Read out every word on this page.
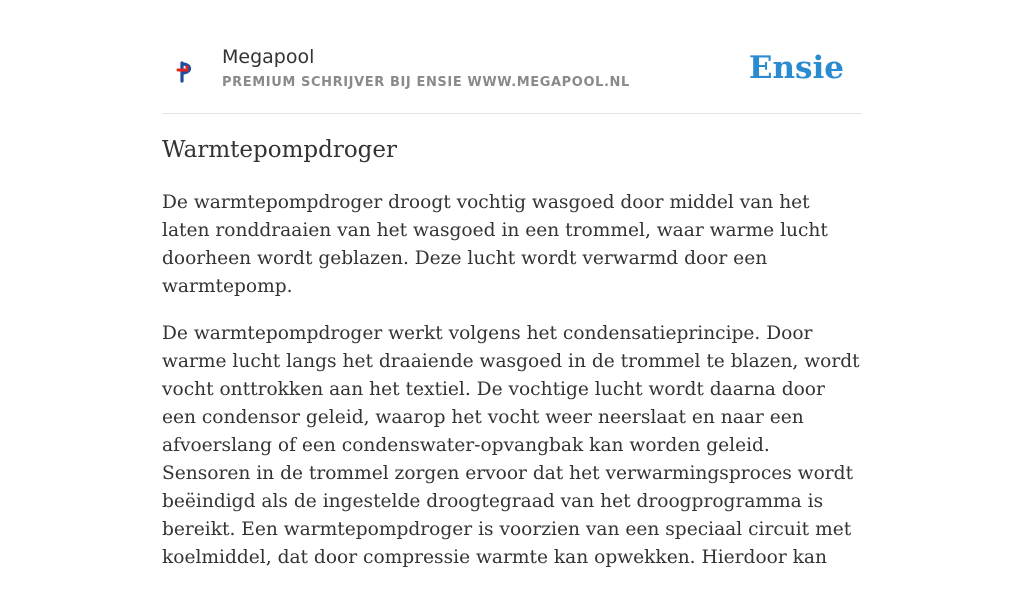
Megapool
PREMIUM SCHRIJVER BIJ ENSIE WWW.MEGAPOOL.NL	Ensie
Warmtepompdroger

De warmtepompdroger droogt vochtig wasgoed door middel van het laten ronddraaien van het wasgoed in een trommel, waar warme lucht doorheen wordt geblazen. Deze lucht wordt verwarmd door een warmtepomp.

De warmtepompdroger werkt volgens het condensatieprincipe. Door warme lucht langs het draaiende wasgoed in de trommel te blazen, wordt vocht onttrokken aan het textiel. De vochtige lucht wordt daarna door een condensor geleid, waarop het vocht weer neerslaat en naar een afvoerslang of een condenswater-opvangbak kan worden geleid. Sensoren in de trommel zorgen ervoor dat het verwarmingsproces wordt beëindigd als de ingestelde droogtegraad van het droogprogramma is bereikt. Een warmtepompdroger is voorzien van een speciaal circuit met koelmiddel, dat door compressie warmte kan opwekken. Hierdoor kan
